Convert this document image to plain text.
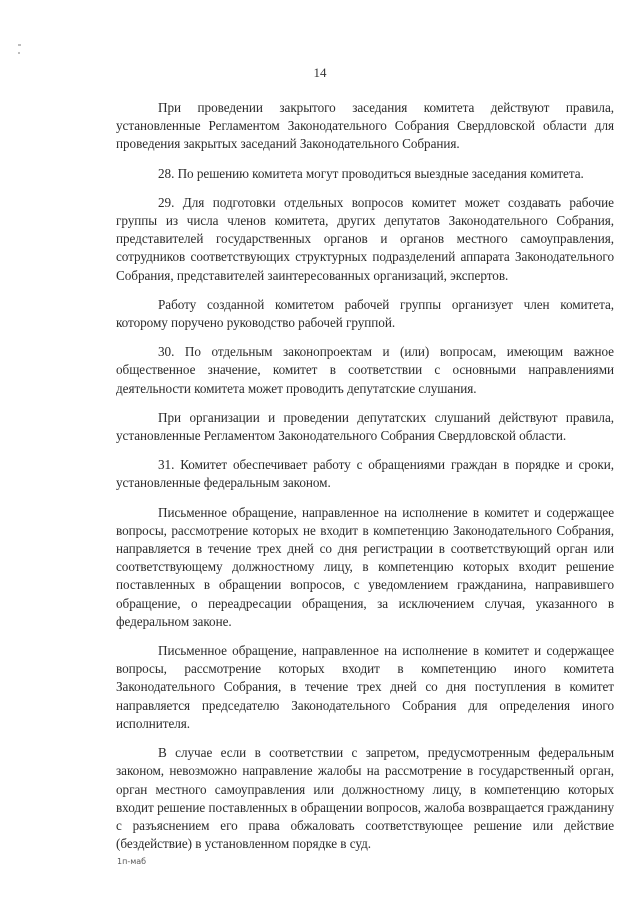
14

При проведении закрытого заседания комитета действуют правила, установленные Регламентом Законодательного Собрания Свердловской области для проведения закрытых заседаний Законодательного Собрания.

28. По решению комитета могут проводиться выездные заседания комитета.

29. Для подготовки отдельных вопросов комитет может создавать рабочие группы из числа членов комитета, других депутатов Законодательного Собрания, представителей государственных органов и органов местного самоуправления, сотрудников соответствующих структурных подразделений аппарата Законодательного Собрания, представителей заинтересованных организаций, экспертов.

Работу созданной комитетом рабочей группы организует член комитета, которому поручено руководство рабочей группой.

30. По отдельным законопроектам и (или) вопросам, имеющим важное общественное значение, комитет в соответствии с основными направлениями деятельности комитета может проводить депутатские слушания.

При организации и проведении депутатских слушаний действуют правила, установленные Регламентом Законодательного Собрания Свердловской области.

31. Комитет обеспечивает работу с обращениями граждан в порядке и сроки, установленные федеральным законом.

Письменное обращение, направленное на исполнение в комитет и содержащее вопросы, рассмотрение которых не входит в компетенцию Законодательного Собрания, направляется в течение трех дней со дня регистрации в соответствующий орган или соответствующему должностному лицу, в компетенцию которых входит решение поставленных в обращении вопросов, с уведомлением гражданина, направившего обращение, о переадресации обращения, за исключением случая, указанного в федеральном законе.

Письменное обращение, направленное на исполнение в комитет и содержащее вопросы, рассмотрение которых входит в компетенцию иного комитета Законодательного Собрания, в течение трех дней со дня поступления в комитет направляется председателю Законодательного Собрания для определения иного исполнителя.

В случае если в соответствии с запретом, предусмотренным федеральным законом, невозможно направление жалобы на рассмотрение в государственный орган, орган местного самоуправления или должностному лицу, в компетенцию которых входит решение поставленных в обращении вопросов, жалоба возвращается гражданину с разъяснением его права обжаловать соответствующее решение или действие (бездействие) в установленном порядке в суд.

1п-маб
